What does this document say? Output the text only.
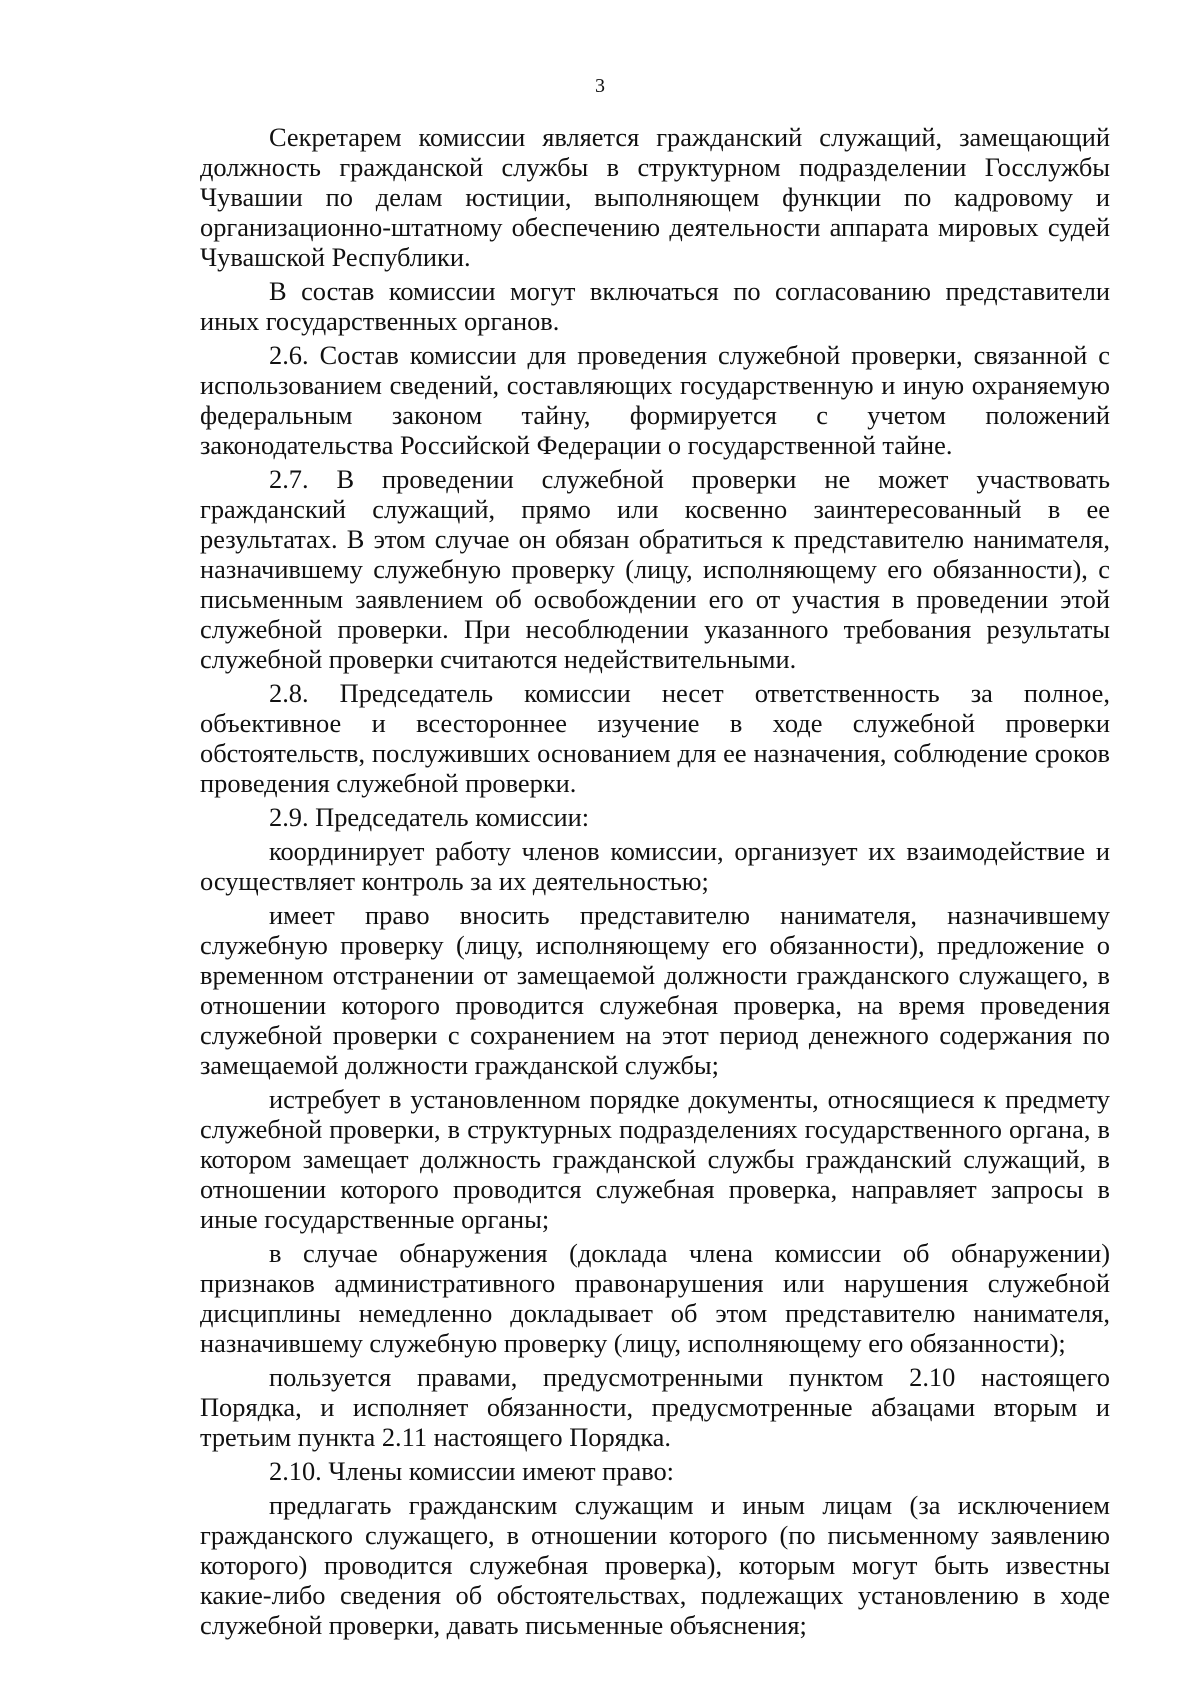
3

Секретарем комиссии является гражданский служащий, замещающий должность гражданской службы в структурном подразделении Госслужбы Чувашии по делам юстиции, выполняющем функции по кадровому и организационно-штатному обеспечению деятельности аппарата мировых судей Чувашской Республики.

В состав комиссии могут включаться по согласованию представители иных государственных органов.

2.6. Состав комиссии для проведения служебной проверки, связанной с использованием сведений, составляющих государственную и иную охраняемую федеральным законом тайну, формируется с учетом положений законодательства Российской Федерации о государственной тайне.

2.7. В проведении служебной проверки не может участвовать гражданский служащий, прямо или косвенно заинтересованный в ее результатах. В этом случае он обязан обратиться к представителю нанимателя, назначившему служебную проверку (лицу, исполняющему его обязанности), с письменным заявлением об освобождении его от участия в проведении этой служебной проверки. При несоблюдении указанного требования результаты служебной проверки считаются недействительными.

2.8. Председатель комиссии несет ответственность за полное, объективное и всестороннее изучение в ходе служебной проверки обстоятельств, послуживших основанием для ее назначения, соблюдение сроков проведения служебной проверки.

2.9. Председатель комиссии:

координирует работу членов комиссии, организует их взаимодействие и осуществляет контроль за их деятельностью;

имеет право вносить представителю нанимателя, назначившему служебную проверку (лицу, исполняющему его обязанности), предложение о временном отстранении от замещаемой должности гражданского служащего, в отношении которого проводится служебная проверка, на время проведения служебной проверки с сохранением на этот период денежного содержания по замещаемой должности гражданской службы;

истребует в установленном порядке документы, относящиеся к предмету служебной проверки, в структурных подразделениях государственного органа, в котором замещает должность гражданской службы гражданский служащий, в отношении которого проводится служебная проверка, направляет запросы в иные государственные органы;

в случае обнаружения (доклада члена комиссии об обнаружении) признаков административного правонарушения или нарушения служебной дисциплины немедленно докладывает об этом представителю нанимателя, назначившему служебную проверку (лицу, исполняющему его обязанности);

пользуется правами, предусмотренными пунктом 2.10 настоящего Порядка, и исполняет обязанности, предусмотренные абзацами вторым и третьим пункта 2.11 настоящего Порядка.

2.10. Члены комиссии имеют право:

предлагать гражданским служащим и иным лицам (за исключением гражданского служащего, в отношении которого (по письменному заявлению которого) проводится служебная проверка), которым могут быть известны какие-либо сведения об обстоятельствах, подлежащих установлению в ходе служебной проверки, давать письменные объяснения;
